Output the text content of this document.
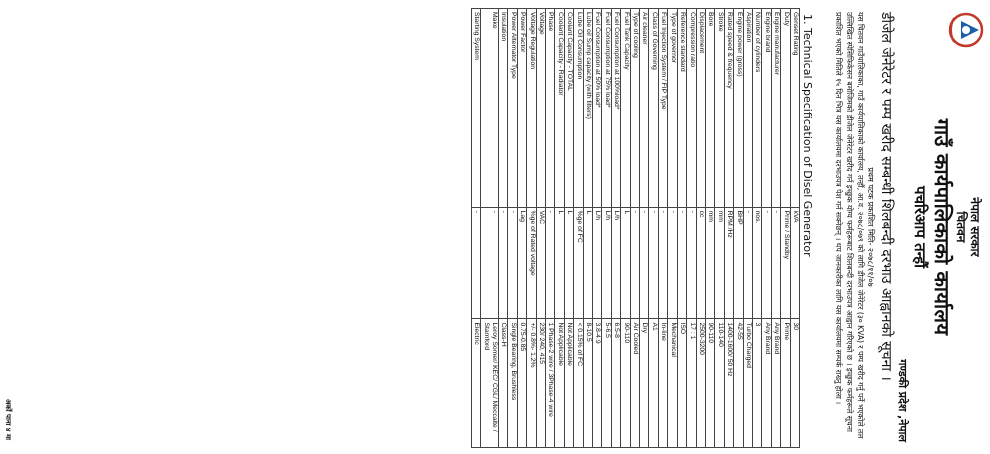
नेपाल सरकार
चितवन
गाउँ कार्यपालिकाको कार्यालय
पचरिआप तन्हौं
गण्डकी प्रदेश ,नेपाल
डीजेल जेनेरेटर र पम्प खरीद सम्बन्धी शिलबन्दी दरभाउ आह्वानको सूचना ।
प्रथम पटक प्रकाशित मिति- २०७८/११/०७
यस चितवन गाउँपालिकाका, गाउँ कार्यपालिकाको कार्यालय, तन्हौं, आ.व. २०७८/०७९ को लागि डीजेल जेनेरेटर (३० KVA) र पम्प खरीद गर्नु पर्ने भएकोले तल उल्लिखित स्पेसिफिकेसन बमोजिमको डीजेल जेनेरेटर खरीद गर्न इच्छुक योग्य फर्महरूबाट शिलबन्दी दरभाउपत्र आह्वान गरिएको छ । इच्छुक फर्महरूले सूचना प्रकाशित भएको मितिले १५ दिन भित्र यस कार्यालयमा दरभाउपत्र पेश गर्न सक्नेछन् । थप जानकारीका लागि यस कार्यालयमा सम्पर्क राख्नु होला ।
1. Technical Specification of Disel Generator
Genset Rating	kVA	30
Duty	Prime / Standby	Prime
Engine manufacturer	-	Any Brand
Engine brand	-	Any Brand
Number of cylinders	nos.	3
Aspiration	-	Turbo Charged
Engine power (gross)	BHP	42-55
Rated speed & frequency	RPM /Hz	1400-1600/ 50 Hz
Stroke	mm	110-140
Bore	mm	90-110
Displacement	cc	2500-3200
Compression ratio	-	17 : 1
Reference standard	-	ISO
Type of governor	-	Mechanical
Fuel Injection System / FIP Type	-	In-line
Class of Governing	-	A1
Air cleaner	-	Dry
Type of cooling	-	Air Cooled
Fuel Tank Capacity	L	90-110
Fuel Consumption at 100%load*	L/h	6.5-8
Fuel Consumption at 75% load*	L/h	5-6.5
Fuel Consumption at 50% load*	L/h	3.8-4.9
Lube oil Sump capacity (with filters)	L	8-10.5
Lube Oil Consumption	%ge of FC	< 0.15% of FC
Coolant Capacity - TOTAL	L	Not Applicable
Coolant Capacity - Radiator	L	Not Applicable
Phase	-	1 Phase-2 wire / 3Phase-4 wire
Voltage	VAC	230/ 240, 415
Voltage Regulation	%ge of Rated voltage	+/- 0.8%- 1.2%
Power Factor	Lag	0.75-0.85
Power Alternator Type	-	Single Bearing, Brushless
Insulation	-	Class-H
Make	-	Leroy Somer/ KEC/ CGL/ Meccalte / Stamford
Starting System	-	Electric
अर्को पाना ४ मा
